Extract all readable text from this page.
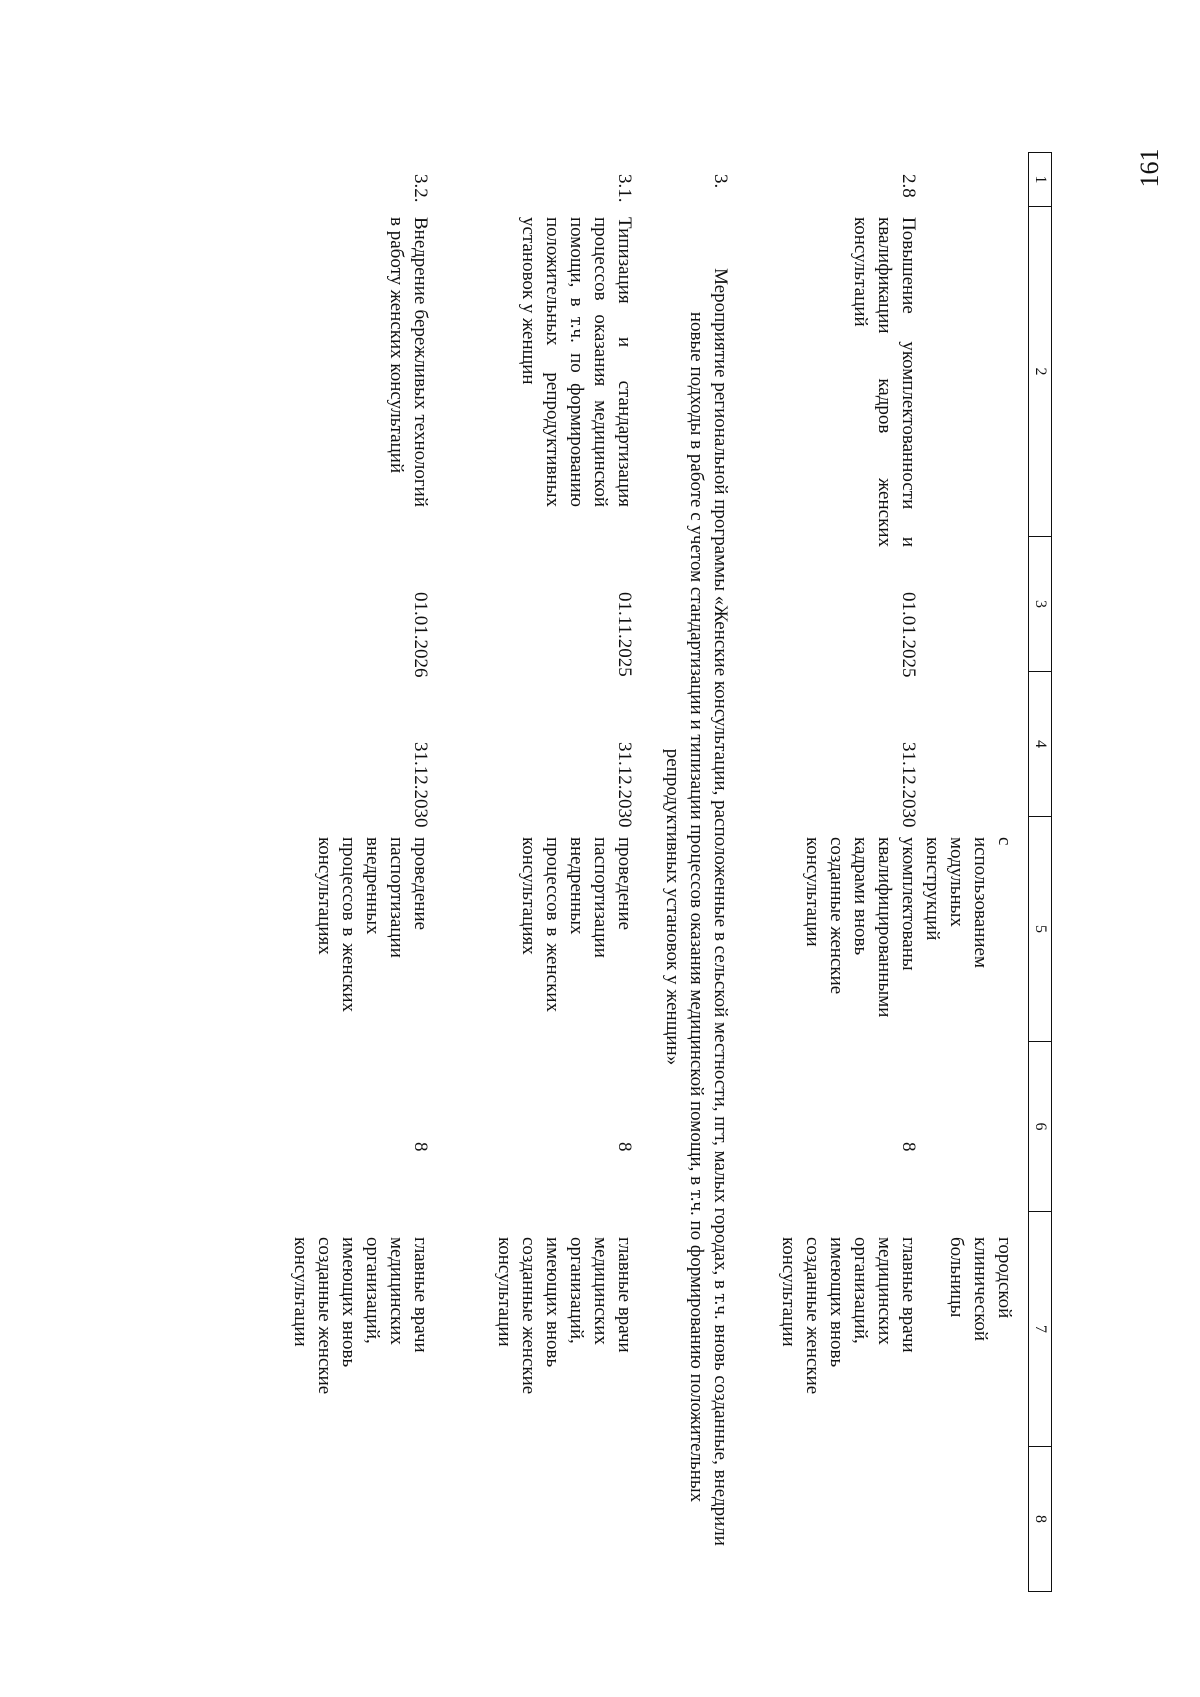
161
1
2
3
4
5
6
7
8
с использованием модульных конструкций
городской клинической больницы
2.8
Повышение укомплектованности и квалификации кадров женских консультаций
01.01.2025
31.12.2030
укомплектованы квалифицированными кадрами вновь созданные женские консультации
8
главные врачи медицинских организаций, имеющих вновь созданные женские консультации
3.
Мероприятие региональной программы «Женские консультации, расположенные в сельской местности, пгт, малых городах, в т.ч. вновь созданные, внедрили новые подходы в работе с учетом стандартизации и типизации процессов оказания медицинской помощи, в т.ч. по формированию положительных репродуктивных установок у женщин»
3.1.
Типизация и стандартизация процессов оказания медицинской помощи, в т.ч. по формированию положительных репродуктивных установок у женщин
01.11.2025
31.12.2030
проведение паспортизации внедренных процессов в женских консультациях
8
главные врачи медицинских организаций, имеющих вновь созданные женские консультации
3.2.
Внедрение бережливых технологий в работу женских консультаций
01.01.2026
31.12.2030
проведение паспортизации внедренных процессов в женских консультациях
8
главные врачи медицинских организаций, имеющих вновь созданные женские консультации
